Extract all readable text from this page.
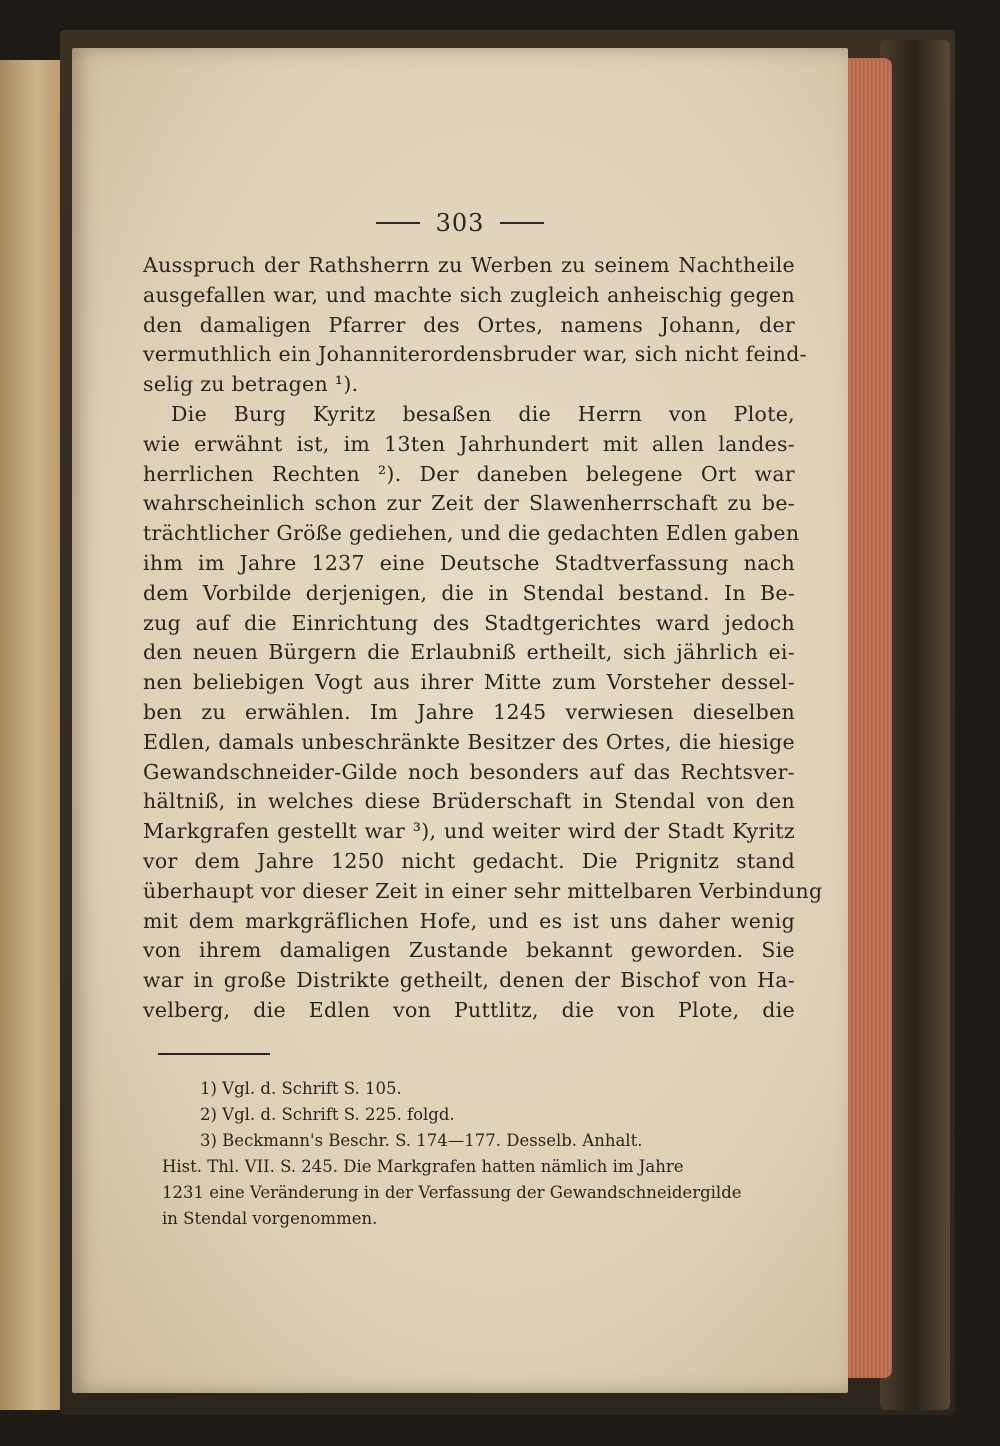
303
Ausspruch der Rathsherrn zu Werben zu seinem Nachtheile
ausgefallen war, und machte sich zugleich anheischig gegen
den damaligen Pfarrer des Ortes, namens Johann, der
vermuthlich ein Johanniterordensbruder war, sich nicht feind-
selig zu betragen ¹).
Die Burg Kyritz besaßen die Herrn von Plote,
wie erwähnt ist, im 13ten Jahrhundert mit allen landes-
herrlichen Rechten ²). Der daneben belegene Ort war
wahrscheinlich schon zur Zeit der Slawenherrschaft zu be-
trächtlicher Größe gediehen, und die gedachten Edlen gaben
ihm im Jahre 1237 eine Deutsche Stadtverfassung nach
dem Vorbilde derjenigen, die in Stendal bestand. In Be-
zug auf die Einrichtung des Stadtgerichtes ward jedoch
den neuen Bürgern die Erlaubniß ertheilt, sich jährlich ei-
nen beliebigen Vogt aus ihrer Mitte zum Vorsteher dessel-
ben zu erwählen. Im Jahre 1245 verwiesen dieselben
Edlen, damals unbeschränkte Besitzer des Ortes, die hiesige
Gewandschneider-Gilde noch besonders auf das Rechtsver-
hältniß, in welches diese Brüderschaft in Stendal von den
Markgrafen gestellt war ³), und weiter wird der Stadt Kyritz
vor dem Jahre 1250 nicht gedacht. Die Prignitz stand
überhaupt vor dieser Zeit in einer sehr mittelbaren Verbindung
mit dem markgräflichen Hofe, und es ist uns daher wenig
von ihrem damaligen Zustande bekannt geworden. Sie
war in große Distrikte getheilt, denen der Bischof von Ha-
velberg, die Edlen von Puttlitz, die von Plote, die
1) Vgl. d. Schrift S. 105.
2) Vgl. d. Schrift S. 225. folgd.
3) Beckmann's Beschr. S. 174—177. Desselb. Anhalt.
Hist. Thl. VII. S. 245. Die Markgrafen hatten nämlich im Jahre
1231 eine Veränderung in der Verfassung der Gewandschneidergilde
in Stendal vorgenommen.
